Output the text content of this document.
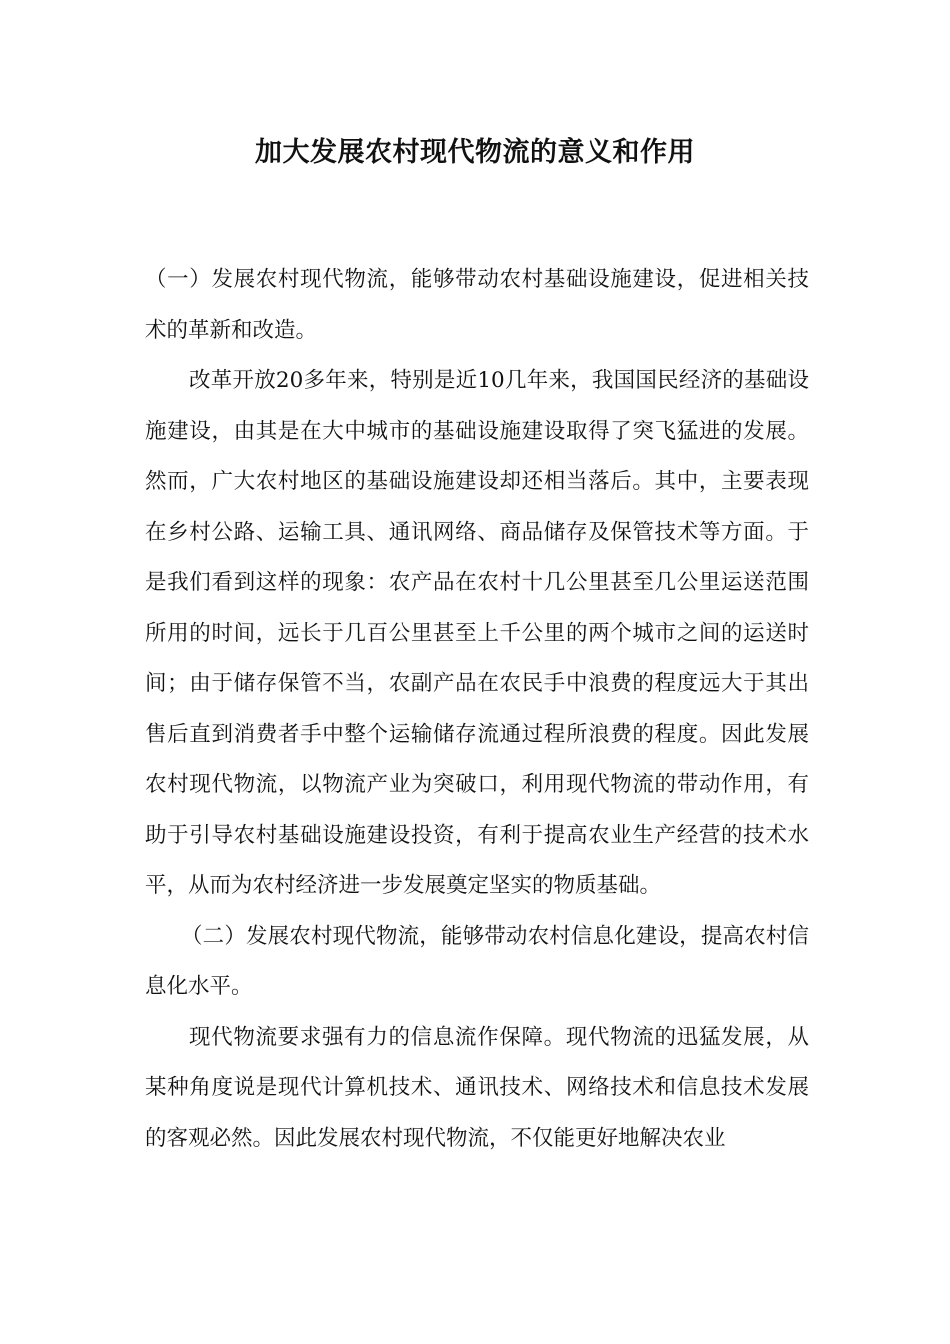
加大发展农村现代物流的意义和作用

（一）发展农村现代物流，能够带动农村基础设施建设，促进相关技术的革新和改造。

改革开放20多年来，特别是近10几年来，我国国民经济的基础设施建设，由其是在大中城市的基础设施建设取得了突飞猛进的发展。然而，广大农村地区的基础设施建设却还相当落后。其中，主要表现在乡村公路、运输工具、通讯网络、商品储存及保管技术等方面。于是我们看到这样的现象：农产品在农村十几公里甚至几公里运送范围所用的时间，远长于几百公里甚至上千公里的两个城市之间的运送时间；由于储存保管不当，农副产品在农民手中浪费的程度远大于其出售后直到消费者手中整个运输储存流通过程所浪费的程度。因此发展农村现代物流，以物流产业为突破口，利用现代物流的带动作用，有助于引导农村基础设施建设投资，有利于提高农业生产经营的技术水平，从而为农村经济进一步发展奠定坚实的物质基础。

（二）发展农村现代物流，能够带动农村信息化建设，提高农村信息化水平。

现代物流要求强有力的信息流作保障。现代物流的迅猛发展，从某种角度说是现代计算机技术、通讯技术、网络技术和信息技术发展的客观必然。因此发展农村现代物流，不仅能更好地解决农业
